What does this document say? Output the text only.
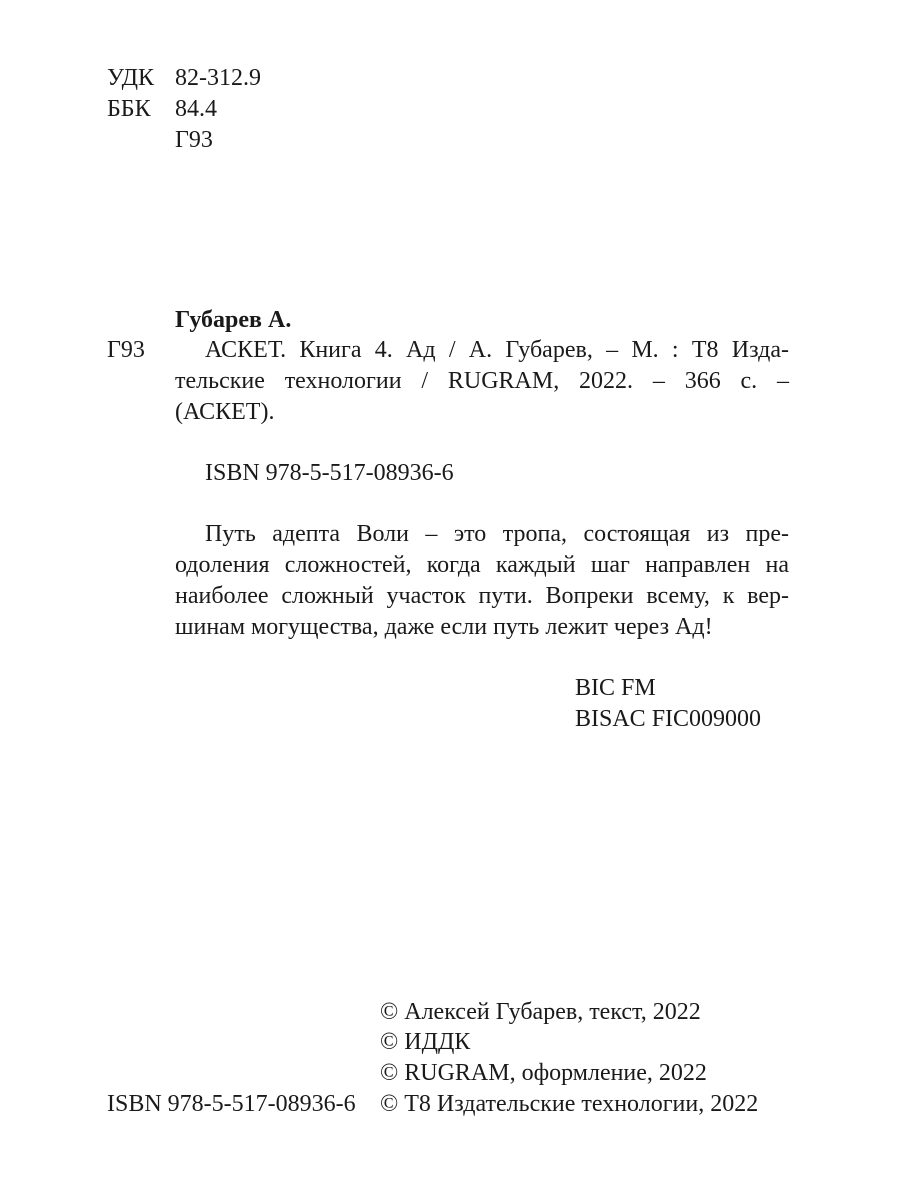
УДК 82-312.9
ББК 84.4
Г93
Губарев А.
Г93	АСКЕТ. Книга 4. Ад / А. Губарев, – М. : Т8 Изда-
тельские технологии / RUGRAM, 2022. – 366 с. –
(АСКЕТ).
ISBN 978-5-517-08936-6
Путь адепта Воли – это тропа, состоящая из пре-
одоления сложностей, когда каждый шаг направлен на
наиболее сложный участок пути. Вопреки всему, к вер-
шинам могущества, даже если путь лежит через Ад!
BIC FM
BISAC FIC009000
© Алексей Губарев, текст, 2022
© ИДДК
© RUGRAM, оформление, 2022
ISBN 978-5-517-08936-6 © Т8 Издательские технологии, 2022
